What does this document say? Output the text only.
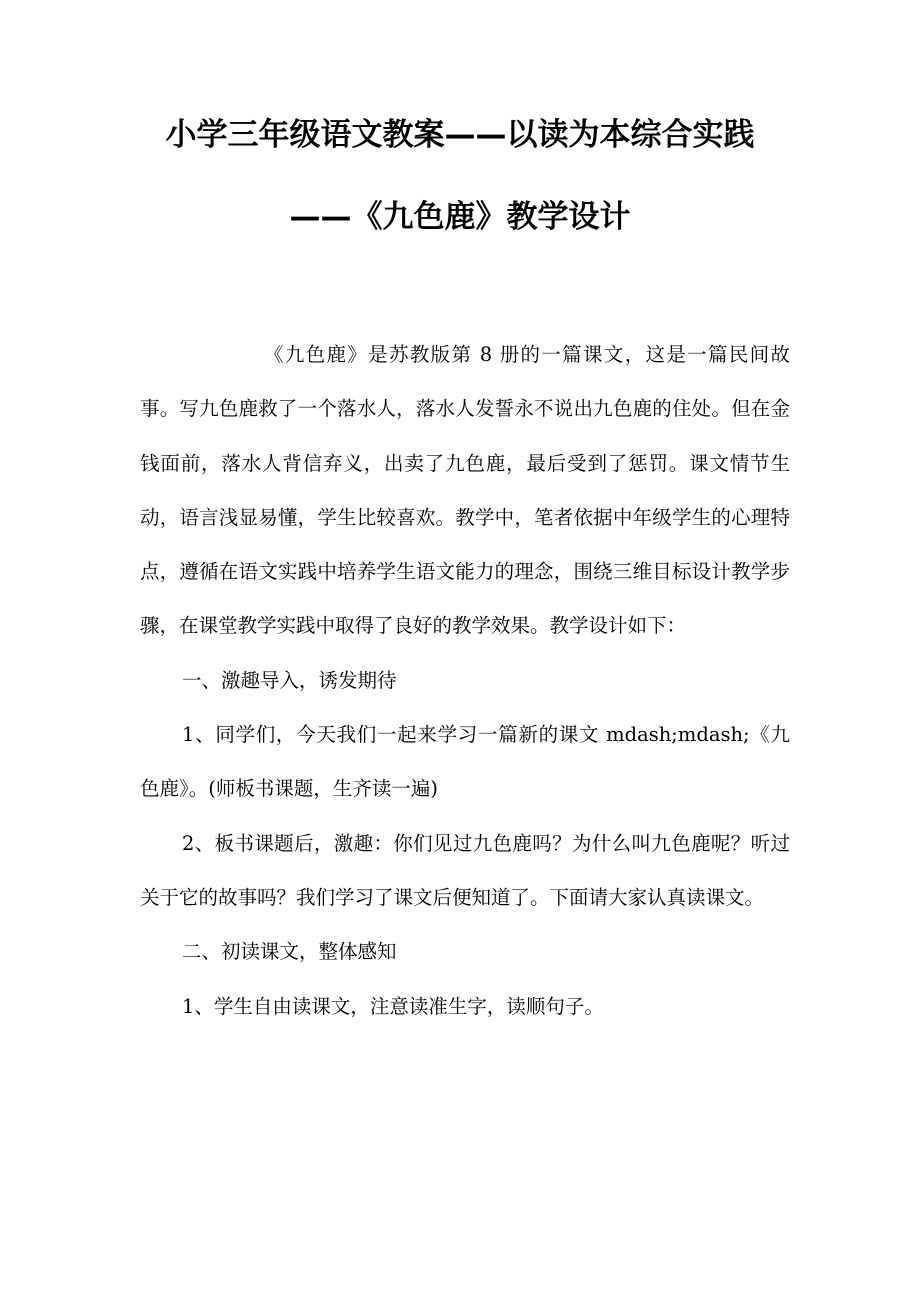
小学三年级语文教案——以读为本综合实践
——《九色鹿》教学设计

《九色鹿》是苏教版第 8 册的一篇课文，这是一篇民间故事。写九色鹿救了一个落水人，落水人发誓永不说出九色鹿的住处。但在金钱面前，落水人背信弃义，出卖了九色鹿，最后受到了惩罚。课文情节生动，语言浅显易懂，学生比较喜欢。教学中，笔者依据中年级学生的心理特点，遵循在语文实践中培养学生语文能力的理念，围绕三维目标设计教学步骤，在课堂教学实践中取得了良好的教学效果。教学设计如下：

一、激趣导入，诱发期待

1、同学们，今天我们一起来学习一篇新的课文 mdash;mdash;《九色鹿》。(师板书课题，生齐读一遍)

2、板书课题后，激趣：你们见过九色鹿吗？为什么叫九色鹿呢？听过关于它的故事吗？我们学习了课文后便知道了。下面请大家认真读课文。

二、初读课文，整体感知

1、学生自由读课文，注意读准生字，读顺句子。
